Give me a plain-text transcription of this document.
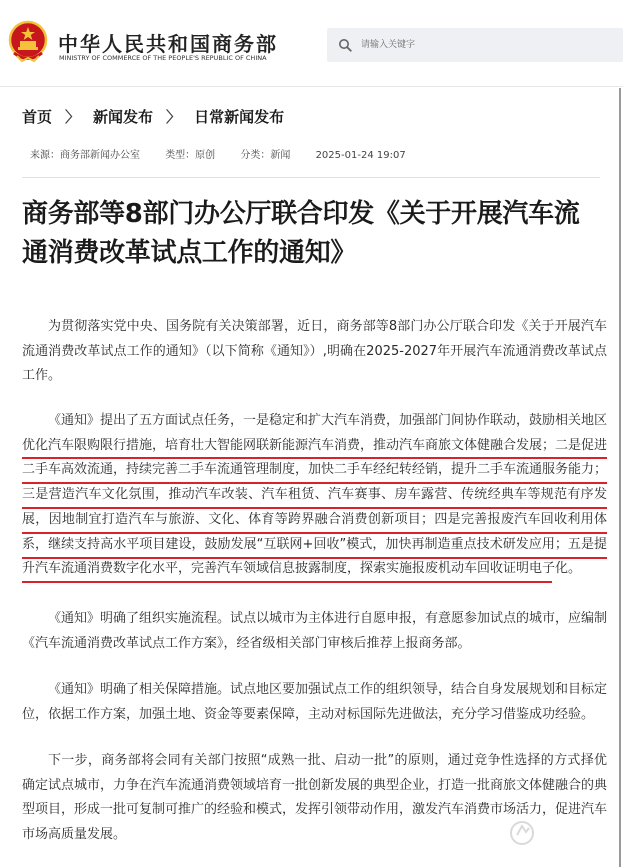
中华人民共和国商务部
MINISTRY OF COMMERCE OF THE PEOPLE'S REPUBLIC OF CHINA
请输入关键字
首页 〉 新闻发布 〉 日常新闻发布
来源：商务部新闻办公室	类型：原创	分类：新闻	2025-01-24 19:07
商务部等8部门办公厅联合印发《关于开展汽车流通消费改革试点工作的通知》

为贯彻落实党中央、国务院有关决策部署，近日，商务部等8部门办公厅联合印发《关于开展汽车流通消费改革试点工作的通知》（以下简称《通知》）,明确在2025-2027年开展汽车流通消费改革试点工作。

《通知》提出了五方面试点任务，一是稳定和扩大汽车消费，加强部门间协作联动，鼓励相关地区优化汽车限购限行措施，培育壮大智能网联新能源汽车消费，推动汽车商旅文体健融合发展；二是促进二手车高效流通，持续完善二手车流通管理制度，加快二手车经纪转经销，提升二手车流通服务能力；三是营造汽车文化氛围，推动汽车改装、汽车租赁、汽车赛事、房车露营、传统经典车等规范有序发展，因地制宜打造汽车与旅游、文化、体育等跨界融合消费创新项目；四是完善报废汽车回收利用体系，继续支持高水平项目建设，鼓励发展“互联网+回收”模式，加快再制造重点技术研发应用；五是提升汽车流通消费数字化水平，完善汽车领域信息披露制度，探索实施报废机动车回收证明电子化。

《通知》明确了组织实施流程。试点以城市为主体进行自愿申报，有意愿参加试点的城市，应编制《汽车流通消费改革试点工作方案》，经省级相关部门审核后推荐上报商务部。

《通知》明确了相关保障措施。试点地区要加强试点工作的组织领导，结合自身发展规划和目标定位，依据工作方案，加强土地、资金等要素保障，主动对标国际先进做法，充分学习借鉴成功经验。

下一步，商务部将会同有关部门按照“成熟一批、启动一批”的原则，通过竞争性选择的方式择优确定试点城市，力争在汽车流通消费领域培育一批创新发展的典型企业，打造一批商旅文体健融合的典型项目，形成一批可复制可推广的经验和模式，发挥引领带动作用，激发汽车消费市场活力，促进汽车市场高质量发展。
